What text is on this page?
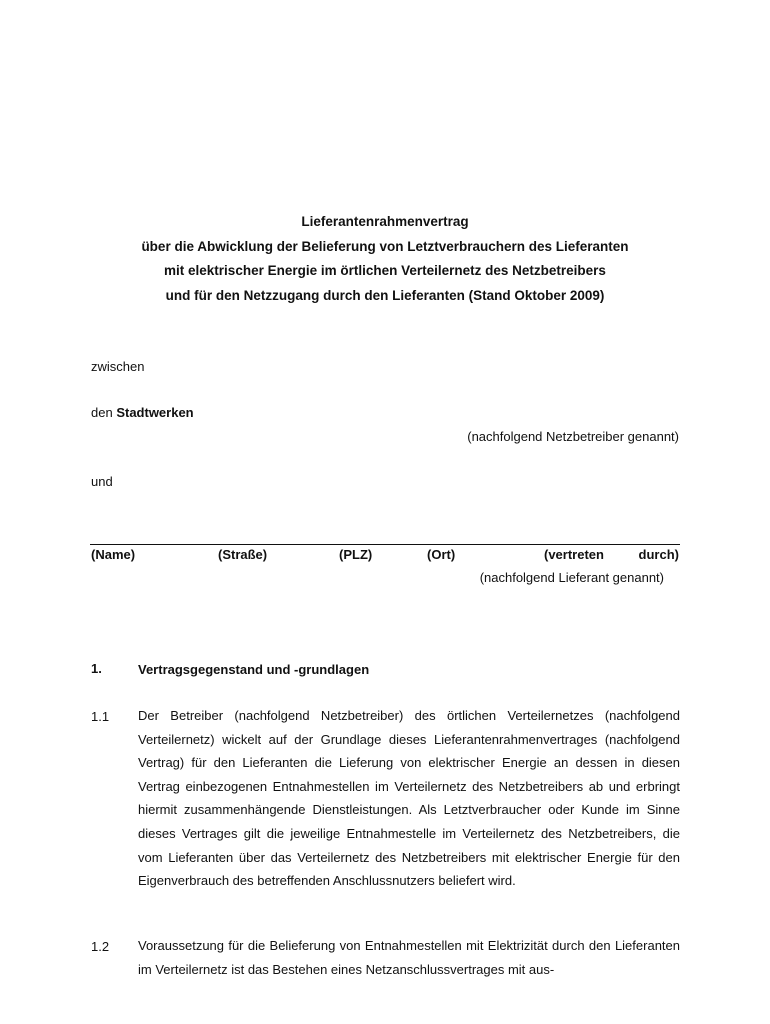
Lieferantenrahmenvertrag
über die Abwicklung der Belieferung von Letztverbrauchern des Lieferanten
mit elektrischer Energie im örtlichen Verteilernetz des Netzbetreibers
und für den Netzzugang durch den Lieferanten (Stand Oktober 2009)
zwischen
den Stadtwerken
(nachfolgend Netzbetreiber genannt)
und
(Name)	(Straße)	(PLZ)	(Ort)	(vertreten	durch)
(nachfolgend Lieferant genannt)
1.	Vertragsgegenstand und -grundlagen
1.1 Der Betreiber (nachfolgend Netzbetreiber) des örtlichen Verteilernetzes (nachfolgend Verteilernetz) wickelt auf der Grundlage dieses Lieferantenrahmenvertrages (nachfolgend Vertrag) für den Lieferanten die Lieferung von elektrischer Energie an dessen in diesen Vertrag einbezogenen Entnahmestellen im Verteilernetz des Netzbetreibers ab und erbringt hiermit zusammenhängende Dienstleistungen. Als Letztverbraucher oder Kunde im Sinne dieses Vertrages gilt die jeweilige Entnahmestelle im Verteilernetz des Netzbetreibers, die vom Lieferanten über das Verteilernetz des Netzbetreibers mit elektrischer Energie für den Eigenverbrauch des betreffenden Anschlussnutzers beliefert wird.
1.2 Voraussetzung für die Belieferung von Entnahmestellen mit Elektrizität durch den Lieferanten im Verteilernetz ist das Bestehen eines Netzanschlussvertrages mit aus-
